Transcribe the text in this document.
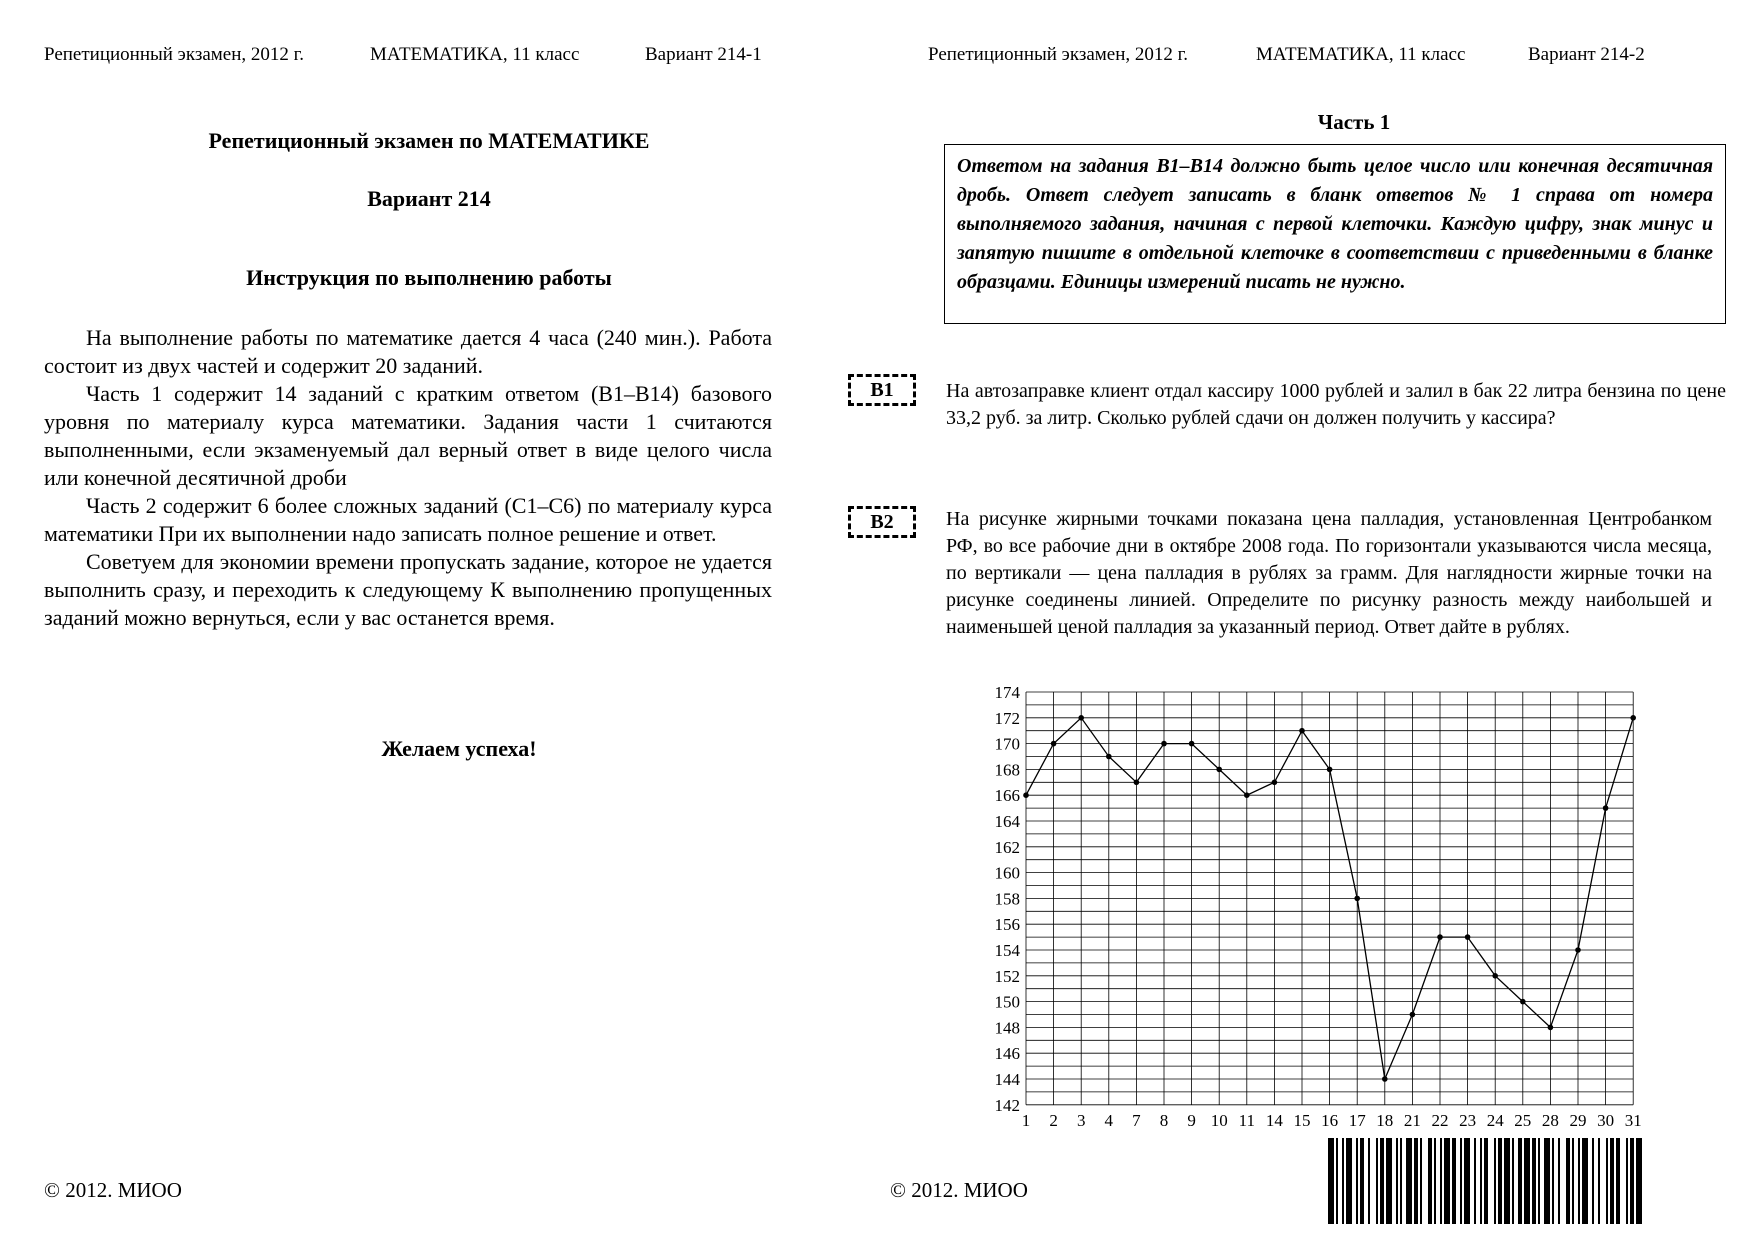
Репетиционный экзамен, 2012 г.	МАТЕМАТИКА, 11 класс	Вариант 214-1
Репетиционный экзамен по МАТЕМАТИКЕ
Вариант 214
Инструкция по выполнению работы
На выполнение работы по математике дается 4 часа (240 мин.). Работа состоит из двух частей и содержит 20 заданий.
Часть 1 содержит 14 заданий с кратким ответом (B1–B14) базового уровня по материалу курса математики. Задания части 1 считаются выполненными, если экзаменуемый дал верный ответ в виде целого числа или конечной десятичной дроби
Часть 2 содержит 6 более сложных заданий (C1–C6) по материалу курса математики При их выполнении надо записать полное решение и ответ.
Советуем для экономии времени пропускать задание, которое не удается выполнить сразу, и переходить к следующему К выполнению пропущенных заданий можно вернуться, если у вас останется время.
Желаем успеха!
© 2012. МИОО
Репетиционный экзамен, 2012 г.	МАТЕМАТИКА, 11 класс	Вариант 214-2
Часть 1
Ответом на задания B1–B14 должно быть целое число или конечная десятичная дробь. Ответ следует записать в бланк ответов № 1 справа от номера выполняемого задания, начиная с первой клеточки. Каждую цифру, знак минус и запятую пишите в отдельной клеточке в соответствии с приведенными в бланке образцами. Единицы измерений писать не нужно.
B1	На автозаправке клиент отдал кассиру 1000 рублей и залил в бак 22 литра бензина по цене 33,2 руб. за литр. Сколько рублей сдачи он должен получить у кассира?
B2	На рисунке жирными точками показана цена палладия, установленная Центробанком РФ, во все рабочие дни в октябре 2008 года. По горизонтали указываются числа месяца, по вертикали — цена палладия в рублях за грамм. Для наглядности жирные точки на рисунке соединены линией. Определите по рисунку разность между наибольшей и наименьшей ценой палладия за указанный период. Ответ дайте в рублях.
142
144
146
148
150
152
154
156
158
160
162
164
166
168
170
172
174
1 2 3 4 7 8 9 10 11 14 15 16 17 18 21 22 23 24 25 28 29 30 31
© 2012. МИОО
